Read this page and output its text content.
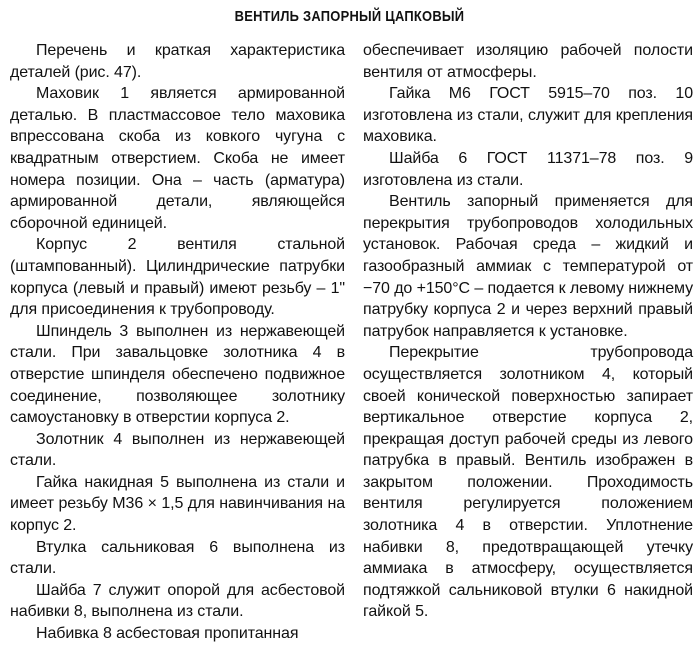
ВЕНТИЛЬ ЗАПОРНЫЙ ЦАПКОВЫЙ

Перечень и краткая характеристика деталей (рис. 47).

Маховик 1 является армированной деталью. В пластмассовое тело маховика впрессована скоба из ковкого чугуна с квадратным отверстием. Скоба не имеет номера позиции. Она – часть (арматура) армированной детали, являющейся сборочной единицей.

Корпус 2 вентиля стальной (штампованный). Цилиндрические патрубки корпуса (левый и правый) имеют резьбу – 1" для присоединения к трубопроводу.

Шпиндель 3 выполнен из нержавеющей стали. При завальцовке золотника 4 в отверстие шпинделя обеспечено подвижное соединение, позволяющее золотнику самоустановку в отверстии корпуса 2.

Золотник 4 выполнен из нержавеющей стали.

Гайка накидная 5 выполнена из стали и имеет резьбу М36 × 1,5 для навинчивания на корпус 2.

Втулка сальниковая 6 выполнена из стали.

Шайба 7 служит опорой для асбестовой набивки 8, выполнена из стали.

Набивка 8 асбестовая пропитанная

обеспечивает изоляцию рабочей полости вентиля от атмосферы.

Гайка М6 ГОСТ 5915–70 поз. 10 изготовлена из стали, служит для крепления маховика.

Шайба 6 ГОСТ 11371–78 поз. 9 изготовлена из стали.

Вентиль запорный применяется для перекрытия трубопроводов холодильных установок. Рабочая среда – жидкий и газообразный аммиак с температурой от −70 до +150°С – подается к левому нижнему патрубку корпуса 2 и через верхний правый патрубок направляется к установке.

Перекрытие трубопровода осуществляется золотником 4, который своей конической поверхностью запирает вертикальное отверстие корпуса 2, прекращая доступ рабочей среды из левого патрубка в правый. Вентиль изображен в закрытом положении. Проходимость вентиля регулируется положением золотника 4 в отверстии. Уплотнение набивки 8, предотвращающей утечку аммиака в атмосферу, осуществляется подтяжкой сальниковой втулки 6 накидной гайкой 5.
